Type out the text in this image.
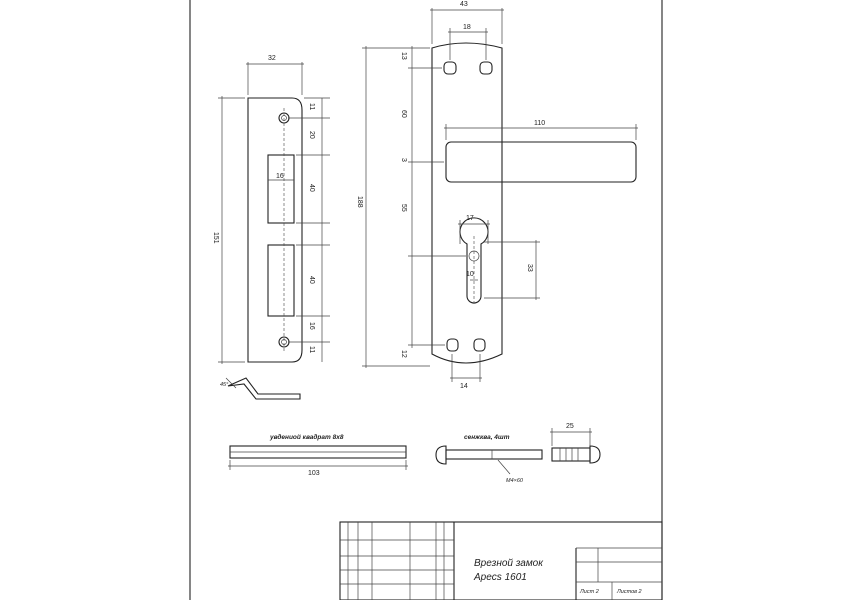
32
151
11
20
40
40
16
11
16
45°
43
18
188
13
60
3
55
12
110
17
10
33
14
увдениой квадрат 8х8
103
сенжква, 4шт
M4×60
25
Врезной замок
Apecs 1601
Лист 2	Листов 2
